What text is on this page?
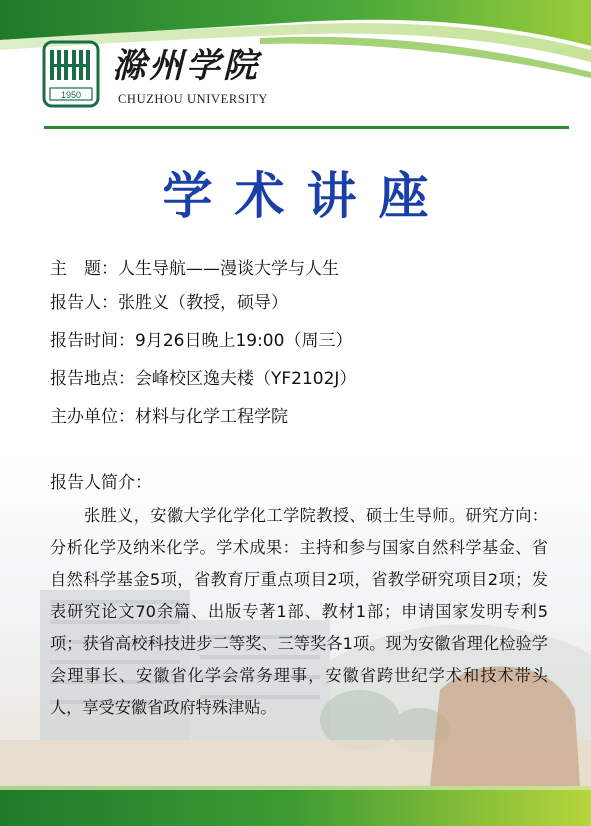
1950
滁州学院
CHUZHOU UNIVERSITY
学术讲座
主　题：人生导航——漫谈大学与人生
报告人：张胜义（教授，硕导）
报告时间：9月26日晚上19:00（周三）
报告地点：会峰校区逸夫楼（YF2102J）
主办单位：材料与化学工程学院
报告人简介：
张胜义，安徽大学化学化工学院教授、硕士生导师。研究方向：分析化学及纳米化学。学术成果：主持和参与国家自然科学基金、省自然科学基金5项，省教育厅重点项目2项，省教学研究项目2项；发表研究论文70余篇、出版专著1部、教材1部；申请国家发明专利5项；获省高校科技进步二等奖、三等奖各1项。现为安徽省理化检验学会理事长、安徽省化学会常务理事，安徽省跨世纪学术和技术带头人，享受安徽省政府特殊津贴。
